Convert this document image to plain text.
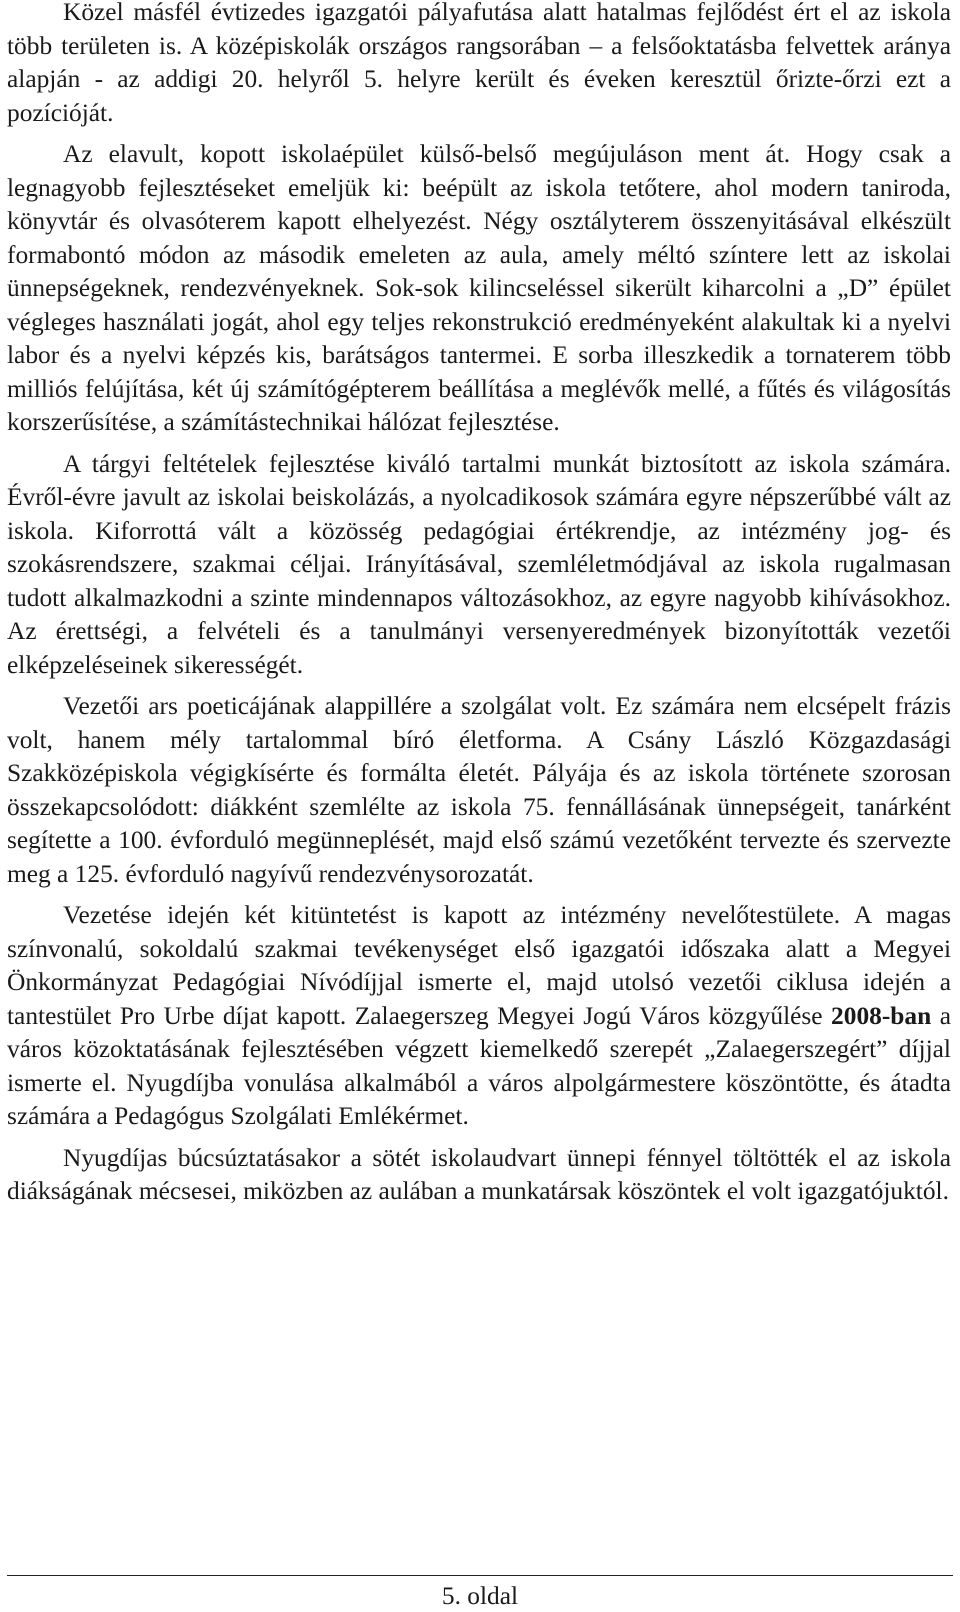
Közel másfél évtizedes igazgatói pályafutása alatt hatalmas fejlődést ért el az iskola több területen is. A középiskolák országos rangsorában – a felsőoktatásba felvettek aránya alapján - az addigi 20. helyről 5. helyre került és éveken keresztül őrizte-őrzi ezt a pozícióját.

Az elavult, kopott iskolaépület külső-belső megújuláson ment át. Hogy csak a legnagyobb fejlesztéseket emeljük ki: beépült az iskola tetőtere, ahol modern taniroda, könyvtár és olvasóterem kapott elhelyezést. Négy osztályterem összenyitásával elkészült formabontó módon az második emeleten az aula, amely méltó színtere lett az iskolai ünnepségeknek, rendezvényeknek. Sok-sok kilincseléssel sikerült kiharcolni a „D” épület végleges használati jogát, ahol egy teljes rekonstrukció eredményeként alakultak ki a nyelvi labor és a nyelvi képzés kis, barátságos tantermei. E sorba illeszkedik a tornaterem több milliós felújítása, két új számítógépterem beállítása a meglévők mellé, a fűtés és világosítás korszerűsítése, a számítástechnikai hálózat fejlesztése.

A tárgyi feltételek fejlesztése kiváló tartalmi munkát biztosított az iskola számára. Évről-évre javult az iskolai beiskolázás, a nyolcadikosok számára egyre népszerűbbé vált az iskola. Kiforrottá vált a közösség pedagógiai értékrendje, az intézmény jog- és szokásrendszere, szakmai céljai. Irányításával, szemléletmódjával az iskola rugalmasan tudott alkalmazkodni a szinte mindennapos változásokhoz, az egyre nagyobb kihívásokhoz. Az érettségi, a felvételi és a tanulmányi versenyeredmények bizonyították vezetői elképzeléseinek sikerességét.

Vezetői ars poeticájának alappillére a szolgálat volt. Ez számára nem elcsépelt frázis volt, hanem mély tartalommal bíró életforma. A Csány László Közgazdasági Szakközépiskola végigkísérte és formálta életét. Pályája és az iskola története szorosan összekapcsolódott: diákként szemlélte az iskola 75. fennállásának ünnepségeit, tanárként segítette a 100. évforduló megünneplését, majd első számú vezetőként tervezte és szervezte meg a 125. évforduló nagyívű rendezvénysorozatát.

Vezetése idején két kitüntetést is kapott az intézmény nevelőtestülete. A magas színvonalú, sokoldalú szakmai tevékenységet első igazgatói időszaka alatt a Megyei Önkormányzat Pedagógiai Nívódíjjal ismerte el, majd utolsó vezetői ciklusa idején a tantestület Pro Urbe díjat kapott. Zalaegerszeg Megyei Jogú Város közgyűlése 2008-ban a város közoktatásának fejlesztésében végzett kiemelkedő szerepét „Zalaegerszegért” díjjal ismerte el. Nyugdíjba vonulása alkalmából a város alpolgármestere köszöntötte, és átadta számára a Pedagógus Szolgálati Emlékérmet.

Nyugdíjas búcsúztatásakor a sötét iskolaudvart ünnepi fénnyel töltötték el az iskola diákságának mécsesei, miközben az aulában a munkatársak köszöntek el volt igazgatójuktól.

5. oldal
